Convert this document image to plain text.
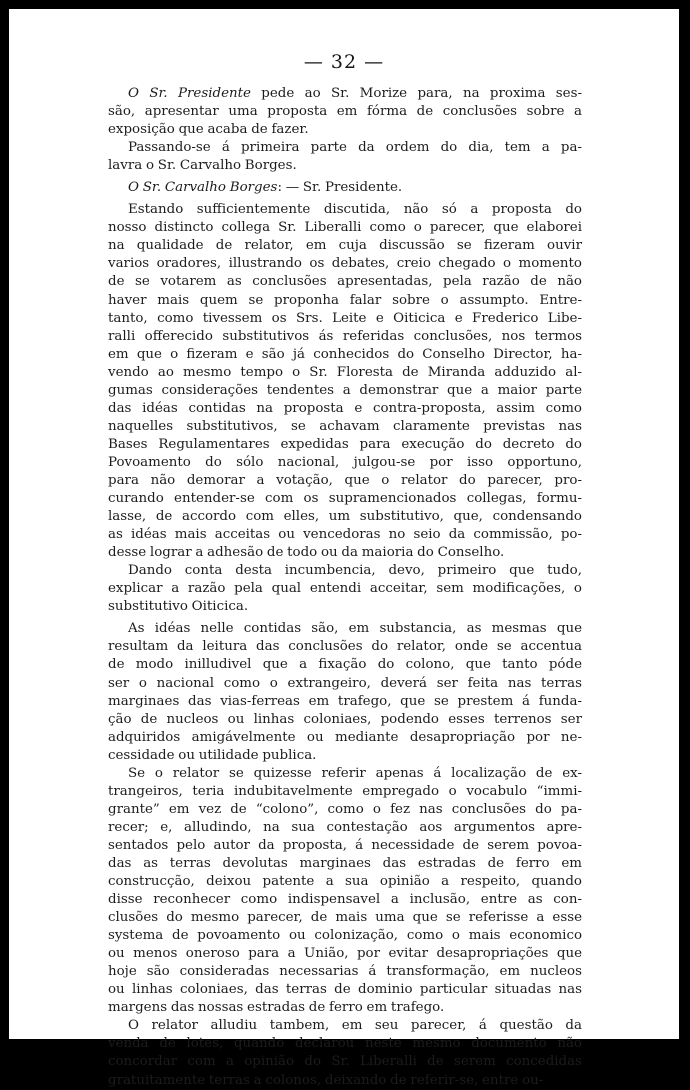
— 32 —

O Sr. Presidente pede ao Sr. Morize para, na proxima ses-
são, apresentar uma proposta em fórma de conclusões sobre a
exposição que acaba de fazer.

Passando-se á primeira parte da ordem do dia, tem a pa-
lavra o Sr. Carvalho Borges.

O Sr. Carvalho Borges: — Sr. Presidente.

Estando sufficientemente discutida, não só a proposta do
nosso distincto collega Sr. Liberalli como o parecer, que elaborei
na qualidade de relator, em cuja discussão se fizeram ouvir
varios oradores, illustrando os debates, creio chegado o momento
de se votarem as conclusões apresentadas, pela razão de não
haver mais quem se proponha falar sobre o assumpto. Entre-
tanto, como tivessem os Srs. Leite e Oiticica e Frederico Libe-
ralli offerecido substitutivos ás referidas conclusões, nos termos
em que o fizeram e são já conhecidos do Conselho Director, ha-
vendo ao mesmo tempo o Sr. Floresta de Miranda adduzido al-
gumas considerações tendentes a demonstrar que a maior parte
das idéas contidas na proposta e contra-proposta, assim como
naquelles substitutivos, se achavam claramente previstas nas
Bases Regulamentares expedidas para execução do decreto do
Povoamento do sólo nacional, julgou-se por isso opportuno,
para não demorar a votação, que o relator do parecer, pro-
curando entender-se com os supramencionados collegas, formu-
lasse, de accordo com elles, um substitutivo, que, condensando
as idéas mais acceitas ou vencedoras no seio da commissão, po-
desse lograr a adhesão de todo ou da maioria do Conselho.

Dando conta desta incumbencia, devo, primeiro que tudo,
explicar a razão pela qual entendi acceitar, sem modificações, o
substitutivo Oiticica.

As idéas nelle contidas são, em substancia, as mesmas que
resultam da leitura das conclusões do relator, onde se accentua
de modo inilludivel que a fixação do colono, que tanto póde
ser o nacional como o extrangeiro, deverá ser feita nas terras
marginaes das vias-ferreas em trafego, que se prestem á funda-
ção de nucleos ou linhas coloniaes, podendo esses terrenos ser
adquiridos amigávelmente ou mediante desapropriação por ne-
cessidade ou utilidade publica.

Se o relator se quizesse referir apenas á localização de ex-
trangeiros, teria indubitavelmente empregado o vocabulo “immi-
grante” em vez de “colono”, como o fez nas conclusões do pa-
recer; e, alludindo, na sua contestação aos argumentos apre-
sentados pelo autor da proposta, á necessidade de serem povoa-
das as terras devolutas marginaes das estradas de ferro em
construcção, deixou patente a sua opinião a respeito, quando
disse reconhecer como indispensavel a inclusão, entre as con-
clusões do mesmo parecer, de mais uma que se referisse a esse
systema de povoamento ou colonização, como o mais economico
ou menos oneroso para a União, por evitar desapropriações que
hoje são consideradas necessarias á transformação, em nucleos
ou linhas coloniaes, das terras de dominio particular situadas nas
margens das nossas estradas de ferro em trafego.

O relator alludiu tambem, em seu parecer, á questão da
venda de lotes, quando declarou neste mesmo documento não
concordar com a opinião do Sr. Liberalli de serem concedidas
gratuitamente terras a colonos, deixando de referir-se, entre ou-
